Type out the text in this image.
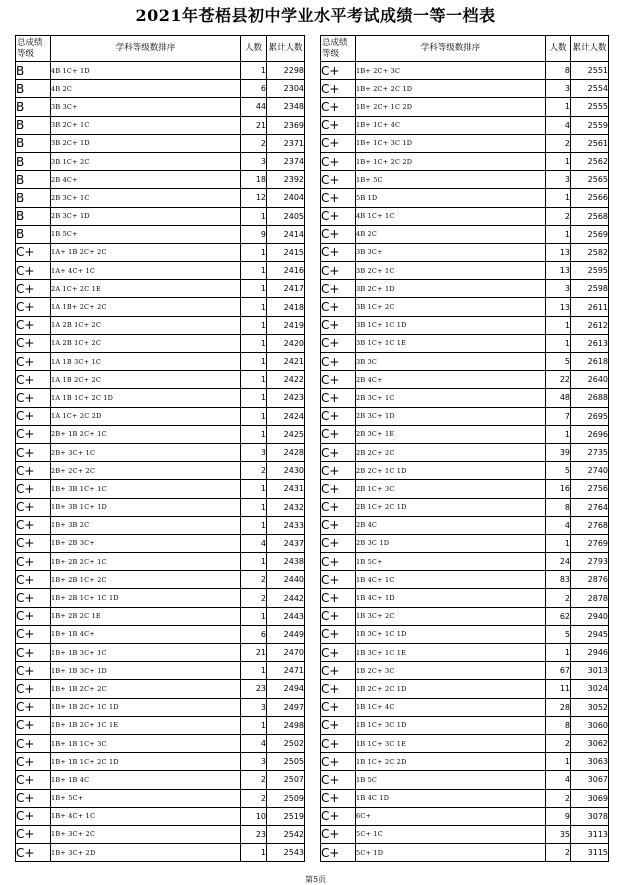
2021年苍梧县初中学业水平考试成绩一等一档表
总成绩等级	学科等级数排序	人数	累计人数
B	4B 1C+ 1D	1	2298
B	4B 2C	6	2304
B	3B 3C+	44	2348
B	3B 2C+ 1C	21	2369
B	3B 2C+ 1D	2	2371
B	3B 1C+ 2C	3	2374
B	2B 4C+	18	2392
B	2B 3C+ 1C	12	2404
B	2B 3C+ 1D	1	2405
B	1B 5C+	9	2414
C+	1A+ 1B 2C+ 2C	1	2415
C+	1A+ 4C+ 1C	1	2416
C+	2A 1C+ 2C 1E	1	2417
C+	1A 1B+ 2C+ 2C	1	2418
C+	1A 2B 1C+ 2C	1	2419
C+	1A 2B 1C+ 2C	1	2420
C+	1A 1B 3C+ 1C	1	2421
C+	1A 1B 2C+ 2C	1	2422
C+	1A 1B 1C+ 2C 1D	1	2423
C+	1A 1C+ 2C 2D	1	2424
C+	2B+ 1B 2C+ 1C	1	2425
C+	2B+ 3C+ 1C	3	2428
C+	2B+ 2C+ 2C	2	2430
C+	1B+ 3B 1C+ 1C	1	2431
C+	1B+ 3B 1C+ 1D	1	2432
C+	1B+ 3B 2C	1	2433
C+	1B+ 2B 3C+	4	2437
C+	1B+ 2B 2C+ 1C	1	2438
C+	1B+ 2B 1C+ 2C	2	2440
C+	1B+ 2B 1C+ 1C 1D	2	2442
C+	1B+ 2B 2C 1E	1	2443
C+	1B+ 1B 4C+	6	2449
C+	1B+ 1B 3C+ 1C	21	2470
C+	1B+ 1B 3C+ 1D	1	2471
C+	1B+ 1B 2C+ 2C	23	2494
C+	1B+ 1B 2C+ 1C 1D	3	2497
C+	1B+ 1B 2C+ 1C 1E	1	2498
C+	1B+ 1B 1C+ 3C	4	2502
C+	1B+ 1B 1C+ 2C 1D	3	2505
C+	1B+ 1B 4C	2	2507
C+	1B+ 5C+	2	2509
C+	1B+ 4C+ 1C	10	2519
C+	1B+ 3C+ 2C	23	2542
C+	1B+ 3C+ 2D	1	2543
总成绩等级	学科等级数排序	人数	累计人数
C+	1B+ 2C+ 3C	8	2551
C+	1B+ 2C+ 2C 1D	3	2554
C+	1B+ 2C+ 1C 2D	1	2555
C+	1B+ 1C+ 4C	4	2559
C+	1B+ 1C+ 3C 1D	2	2561
C+	1B+ 1C+ 2C 2D	1	2562
C+	1B+ 5C	3	2565
C+	5B 1D	1	2566
C+	4B 1C+ 1C	2	2568
C+	4B 2C	1	2569
C+	3B 3C+	13	2582
C+	3B 2C+ 1C	13	2595
C+	3B 2C+ 1D	3	2598
C+	3B 1C+ 2C	13	2611
C+	3B 1C+ 1C 1D	1	2612
C+	3B 1C+ 1C 1E	1	2613
C+	3B 3C	5	2618
C+	2B 4C+	22	2640
C+	2B 3C+ 1C	48	2688
C+	2B 3C+ 1D	7	2695
C+	2B 3C+ 1E	1	2696
C+	2B 2C+ 2C	39	2735
C+	2B 2C+ 1C 1D	5	2740
C+	2B 1C+ 3C	16	2756
C+	2B 1C+ 2C 1D	8	2764
C+	2B 4C	4	2768
C+	2B 3C 1D	1	2769
C+	1B 5C+	24	2793
C+	1B 4C+ 1C	83	2876
C+	1B 4C+ 1D	2	2878
C+	1B 3C+ 2C	62	2940
C+	1B 3C+ 1C 1D	5	2945
C+	1B 3C+ 1C 1E	1	2946
C+	1B 2C+ 3C	67	3013
C+	1B 2C+ 2C 1D	11	3024
C+	1B 1C+ 4C	28	3052
C+	1B 1C+ 3C 1D	8	3060
C+	1B 1C+ 3C 1E	2	3062
C+	1B 1C+ 2C 2D	1	3063
C+	1B 5C	4	3067
C+	1B 4C 1D	2	3069
C+	6C+	9	3078
C+	5C+ 1C	35	3113
C+	5C+ 1D	2	3115
第5页
